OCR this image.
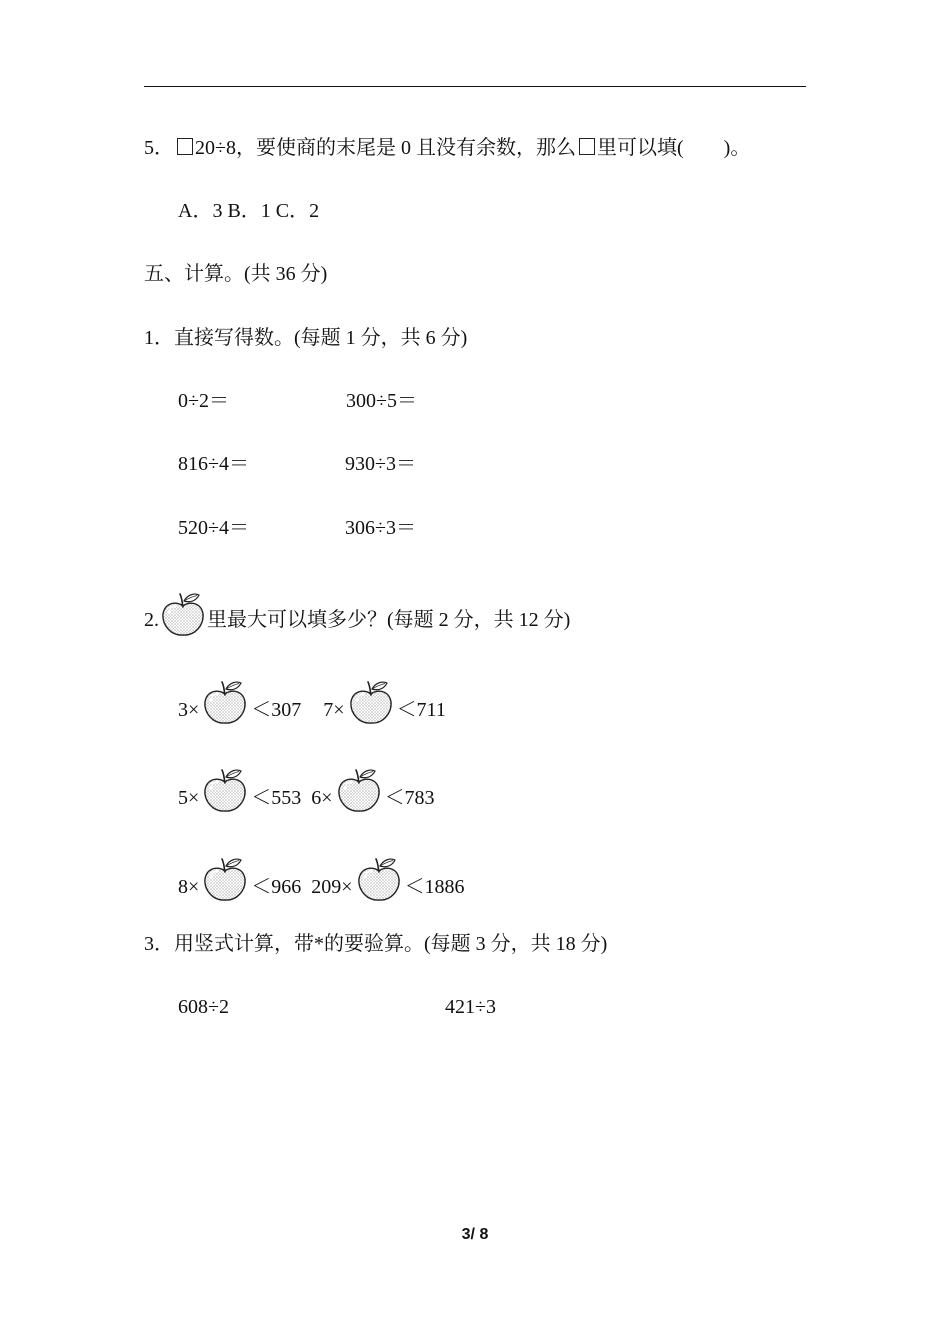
5． 20÷8，要使商的末尾是 0 且没有余数，那么 里可以填( )。
A．3 B．1 C．2
五、计算。(共 36 分)
1．直接写得数。(每题 1 分，共 6 分)
0÷2＝	300÷5＝
816÷4＝	930÷3＝
520÷4＝	306÷3＝
2. 里最大可以填多少？(每题 2 分，共 12 分)
3×	＜307 7×	＜711
5×	＜553 6×	＜783
8×	＜966 209×	＜1886
3．用竖式计算，带*的要验算。(每题 3 分，共 18 分)
608÷2	421÷3
3/ 8
